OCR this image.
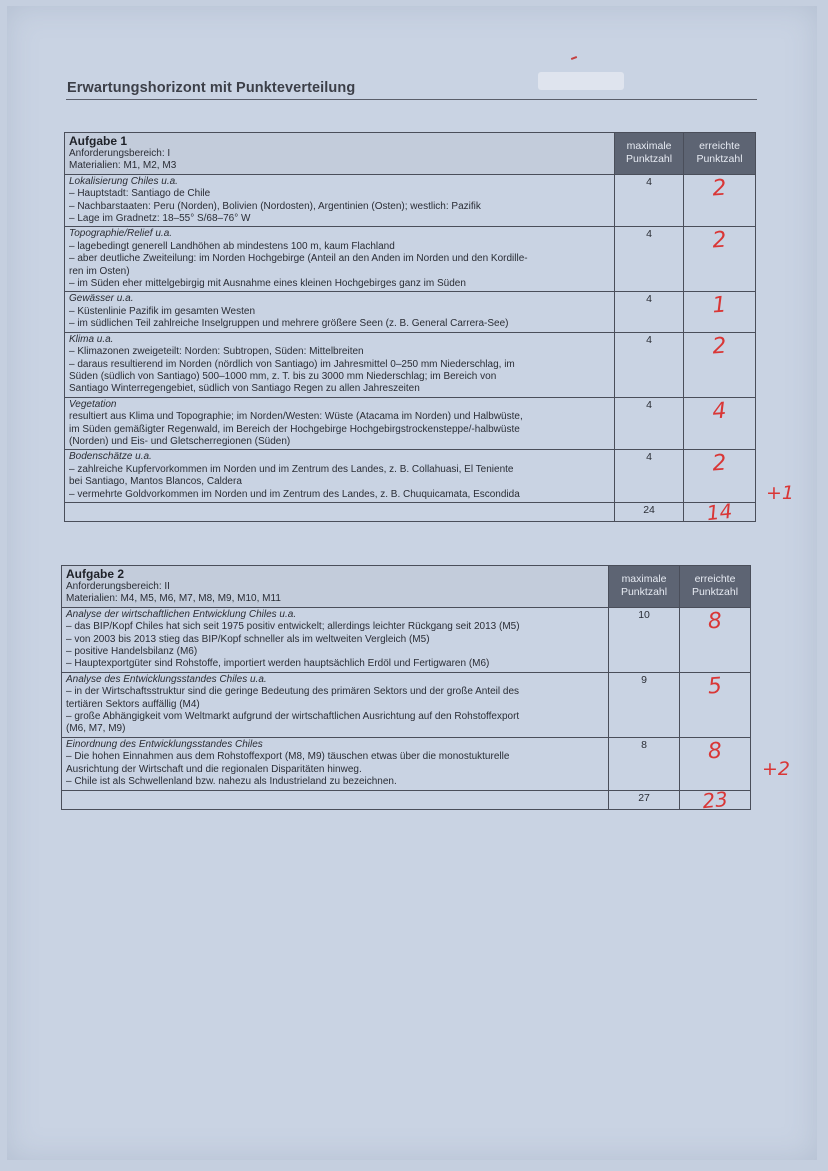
Erwartungshorizont mit Punkteverteilung
Aufgabe 1
Anforderungsbereich: I
Materialien: M1, M2, M3	maximale
Punktzahl	erreichte
Punktzahl

Lokalisierung Chiles u.a.
– Hauptstadt: Santiago de Chile
– Nachbarstaaten: Peru (Norden), Bolivien (Nordosten), Argentinien (Osten); westlich: Pazifik
– Lage im Gradnetz: 18–55° S/68–76° W	4	2

Topographie/Relief u.a.
– lagebedingt generell Landhöhen ab mindestens 100 m, kaum Flachland
– aber deutliche Zweiteilung: im Norden Hochgebirge (Anteil an den Anden im Norden und den Kordille-
ren im Osten)
– im Süden eher mittelgebirgig mit Ausnahme eines kleinen Hochgebirges ganz im Süden	4	2

Gewässer u.a.
– Küstenlinie Pazifik im gesamten Westen
– im südlichen Teil zahlreiche Inselgruppen und mehrere größere Seen (z. B. General Carrera-See)	4	1

Klima u.a.
– Klimazonen zweigeteilt: Norden: Subtropen, Süden: Mittelbreiten
– daraus resultierend im Norden (nördlich von Santiago) im Jahresmittel 0–250 mm Niederschlag, im
Süden (südlich von Santiago) 500–1000 mm, z. T. bis zu 3000 mm Niederschlag; im Bereich von
Santiago Winterregengebiet, südlich von Santiago Regen zu allen Jahreszeiten	4	2

Vegetation
resultiert aus Klima und Topographie; im Norden/Westen: Wüste (Atacama im Norden) und Halbwüste,
im Süden gemäßigter Regenwald, im Bereich der Hochgebirge Hochgebirgstrockensteppe/-halbwüste
(Norden) und Eis- und Gletscherregionen (Süden)	4	4

Bodenschätze u.a.
– zahlreiche Kupfervorkommen im Norden und im Zentrum des Landes, z. B. Collahuasi, El Teniente
bei Santiago, Mantos Blancos, Caldera
– vermehrte Goldvorkommen im Norden und im Zentrum des Landes, z. B. Chuquicamata, Escondida	4	2

	24	14
+1
Aufgabe 2
Anforderungsbereich: II
Materialien: M4, M5, M6, M7, M8, M9, M10, M11	maximale
Punktzahl	erreichte
Punktzahl

Analyse der wirtschaftlichen Entwicklung Chiles u.a.
– das BIP/Kopf Chiles hat sich seit 1975 positiv entwickelt; allerdings leichter Rückgang seit 2013 (M5)
– von 2003 bis 2013 stieg das BIP/Kopf schneller als im weltweiten Vergleich (M5)
– positive Handelsbilanz (M6)
– Hauptexportgüter sind Rohstoffe, importiert werden hauptsächlich Erdöl und Fertigwaren (M6)	10	8

Analyse des Entwicklungsstandes Chiles u.a.
– in der Wirtschaftsstruktur sind die geringe Bedeutung des primären Sektors und der große Anteil des
tertiären Sektors auffällig (M4)
– große Abhängigkeit vom Weltmarkt aufgrund der wirtschaftlichen Ausrichtung auf den Rohstoffexport
(M6, M7, M9)	9	5

Einordnung des Entwicklungsstandes Chiles
– Die hohen Einnahmen aus dem Rohstoffexport (M8, M9) täuschen etwas über die monostukturelle
Ausrichtung der Wirtschaft und die regionalen Disparitäten hinweg.
– Chile ist als Schwellenland bzw. nahezu als Industrieland zu bezeichnen.	8	8

	27	23
+2
